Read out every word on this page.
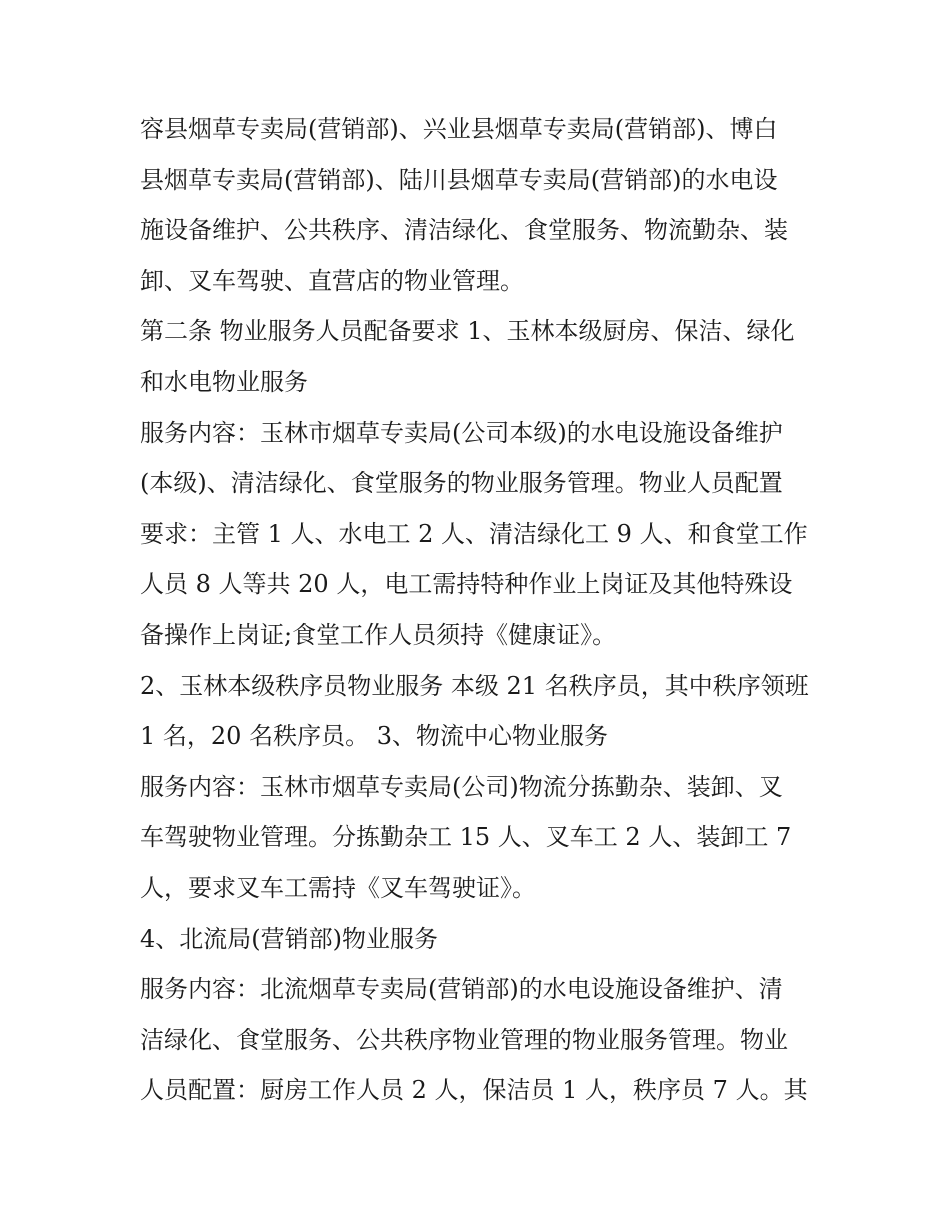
容县烟草专卖局(营销部)、兴业县烟草专卖局(营销部)、博白
县烟草专卖局(营销部)、陆川县烟草专卖局(营销部)的水电设
施设备维护、公共秩序、清洁绿化、食堂服务、物流勤杂、装
卸、叉车驾驶、直营店的物业管理。
第二条 物业服务人员配备要求 1、玉林本级厨房、保洁、绿化
和水电物业服务
服务内容：玉林市烟草专卖局(公司本级)的水电设施设备维护
(本级)、清洁绿化、食堂服务的物业服务管理。物业人员配置
要求：主管 1 人、水电工 2 人、清洁绿化工 9 人、和食堂工作
人员 8 人等共 20 人，电工需持特种作业上岗证及其他特殊设
备操作上岗证;食堂工作人员须持《健康证》。
2、玉林本级秩序员物业服务 本级 21 名秩序员，其中秩序领班
1 名，20 名秩序员。 3、物流中心物业服务
服务内容：玉林市烟草专卖局(公司)物流分拣勤杂、装卸、叉
车驾驶物业管理。分拣勤杂工 15 人、叉车工 2 人、装卸工 7
人，要求叉车工需持《叉车驾驶证》。
4、北流局(营销部)物业服务
服务内容：北流烟草专卖局(营销部)的水电设施设备维护、清
洁绿化、食堂服务、公共秩序物业管理的物业服务管理。物业
人员配置：厨房工作人员 2 人，保洁员 1 人，秩序员 7 人。其
